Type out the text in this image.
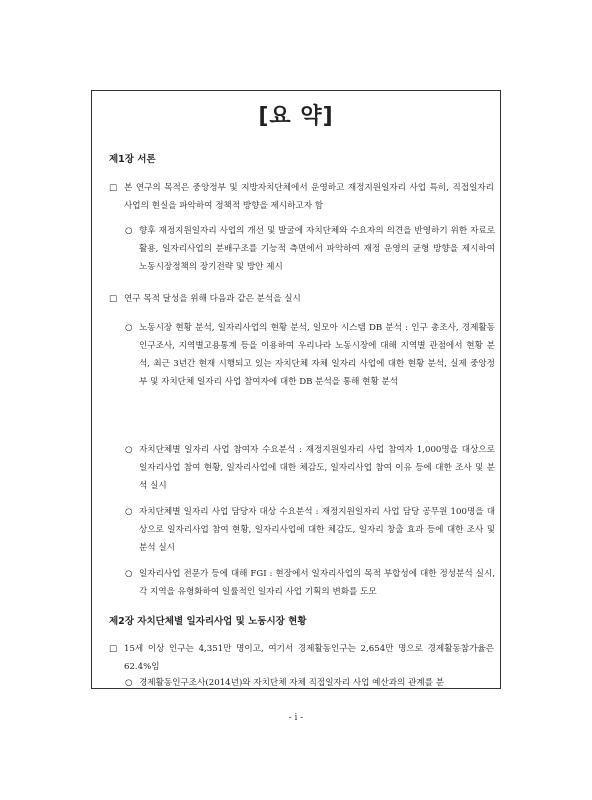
[요 약]
제1장 서론
□ 본 연구의 목적은 중앙정부 및 지방자치단체에서 운영하고 재정지원일자리 사업 특히, 직접일자리사업의 현실을 파악하여 정책적 방향을 제시하고자 함
○ 향후 재정지원일자리 사업의 개선 및 발굴에 자치단체와 수요자의 의견을 반영하기 위한 자료로 활용, 일자리사업의 분배구조를 기능적 측면에서 파악하여 재정 운영의 균형 방향을 제시하여 노동시장정책의 장기전략 및 방안 제시
□ 연구 목적 달성을 위해 다음과 같은 분석을 실시
○ 노동시장 현황 분석, 일자리사업의 현황 분석, 일모아 시스템 DB 분석 : 인구 총조사, 경제활동인구조사, 지역별고용통계 등을 이용하여 우리나라 노동시장에 대해 지역별 관점에서 현황 분석, 최근 3년간 현재 시행되고 있는 자치단체 자체 일자리 사업에 대한 현황 분석, 실제 중앙정부 및 자치단체 일자리 사업 참여자에 대한 DB 분석을 통해 현황 분석
○ 자치단체별 일자리 사업 참여자 수요분석 : 재정지원일자리 사업 참여자 1,000명을 대상으로 일자리사업 참여 현황, 일자리사업에 대한 체감도, 일자리사업 참여 이유 등에 대한 조사 및 분석 실시
○ 자치단체별 일자리 사업 담당자 대상 수요분석 : 재정지원일자리 사업 담당 공무원 100명을 대상으로 일자리사업 참여 현황, 일자리사업에 대한 체감도, 일자리 창출 효과 등에 대한 조사 및 분석 실시
○ 일자리사업 전문가 등에 대해 FGI : 현장에서 일자리사업의 목적 부합성에 대한 정성분석 실시, 각 지역을 유형화하여 일률적인 일자리 사업 기획의 변화를 도모
제2장 자치단체별 일자리사업 및 노동시장 현황
□ 15세 이상 인구는 4,351만 명이고, 여기서 경제활동인구는 2,654만 명으로 경제활동참가율은 62.4%임
○ 경제활동인구조사(2014년)와 자치단체 자체 직접일자리 사업 예산과의 관계를 분
- i -
